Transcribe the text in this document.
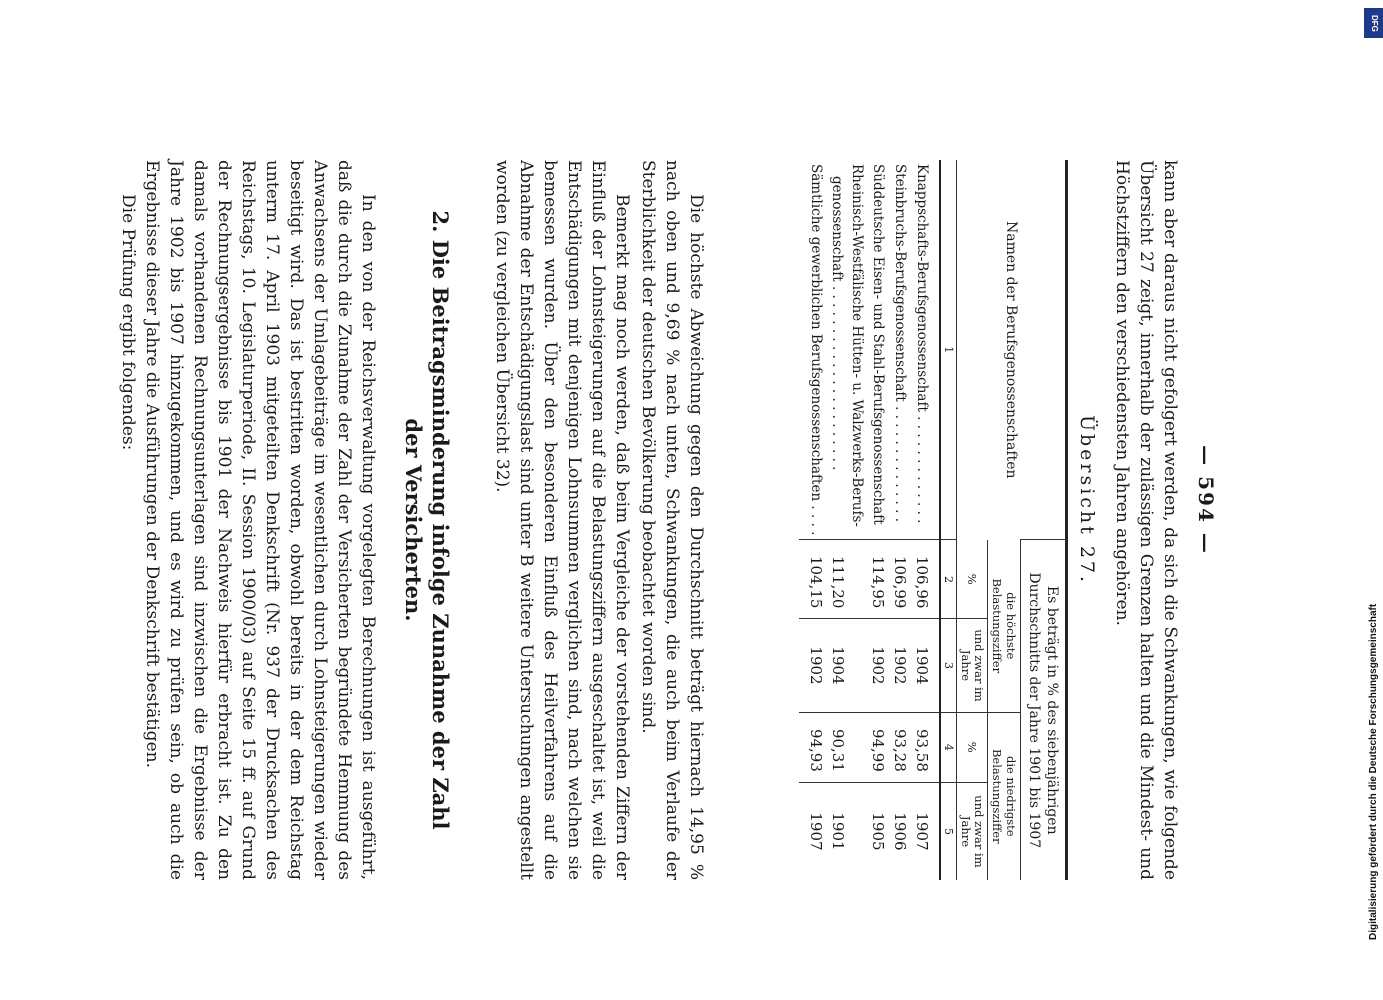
— 594 —

kann aber daraus nicht gefolgert werden, da sich die Schwankungen, wie folgende Übersicht 27 zeigt, innerhalb der zulässigen Grenzen halten und die Mindest- und Höchstziffern den verschiedensten Jahren angehören.

Übersicht 27.
Namen der Berufsgenossenschaften	Es beträgt in % des siebenjährigen Durchschnitts der Jahre 1901 bis 1907			
	die höchste Belastungsziffer		die niedrigste Belastungsziffer	
	%	und zwar im Jahre	%	und zwar im Jahre
1	2	3	4	5
Knappschafts-Berufsgenossenschaft . . . . . . . . . . . . .	106,96	1904	93,58	1907
Steinbruchs-Berufsgenossenschaft . . . . . . . . . . . . . .	106,99	1902	93,28	1906
Süddeutsche Eisen- und Stahl-Berufsgenossenschaft	114,95	1902	94,99	1905
Rheinisch-Westfälische Hütten- u. Walzwerks-Berufs-	111,20	1904	90,31	1901
genossenschaft . . . . . . . . . . . . . . . . . . . . . .				
Sämtliche gewerblichen Berufsgenossenschaften . . . .	104,15	1902	94,93	1907

Die höchste Abweichung gegen den Durchschnitt beträgt hiernach 14,95 % nach oben und 9,69 % nach unten, Schwankungen, die auch beim Verlaufe der Sterblichkeit der deutschen Bevölkerung beobachtet worden sind.

Bemerkt mag noch werden, daß beim Vergleiche der vorstehenden Ziffern der Einfluß der Lohnsteigerungen auf die Belastungsziffern ausgeschaltet ist, weil die Entschädigungen mit denjenigen Lohnsummen verglichen sind, nach welchen sie bemessen wurden. Über den besonderen Einfluß des Heilverfahrens auf die Abnahme der Entschädigungslast sind unter B weitere Untersuchungen angestellt worden (zu vergleichen Übersicht 32).

2. Die Beitragsminderung infolge Zunahme der Zahl der Versicherten.

In den von der Reichsverwaltung vorgelegten Berechnungen ist ausgeführt, daß die durch die Zunahme der Zahl der Versicherten begründete Hemmung des Anwachsens der Umlagebeiträge im wesentlichen durch Lohnsteigerungen wieder beseitigt wird. Das ist bestritten worden, obwohl bereits in der dem Reichstag unterm 17. April 1903 mitgeteilten Denkschrift (Nr. 937 der Drucksachen des Reichstags, 10. Legislaturperiode, II. Session 1900/03) auf Seite 15 ff. auf Grund der Rechnungsergebnisse bis 1901 der Nachweis hierfür erbracht ist. Zu den damals vorhandenen Rechnungsunterlagen sind inzwischen die Ergebnisse der Jahre 1902 bis 1907 hinzugekommen, und es wird zu prüfen sein, ob auch die Ergebnisse dieser Jahre die Ausführungen der Denkschrift bestätigen.

Die Prüfung ergibt folgendes:

DFG
Digitalisierung gefördert durch die Deutsche Forschungsgemeinschaft
